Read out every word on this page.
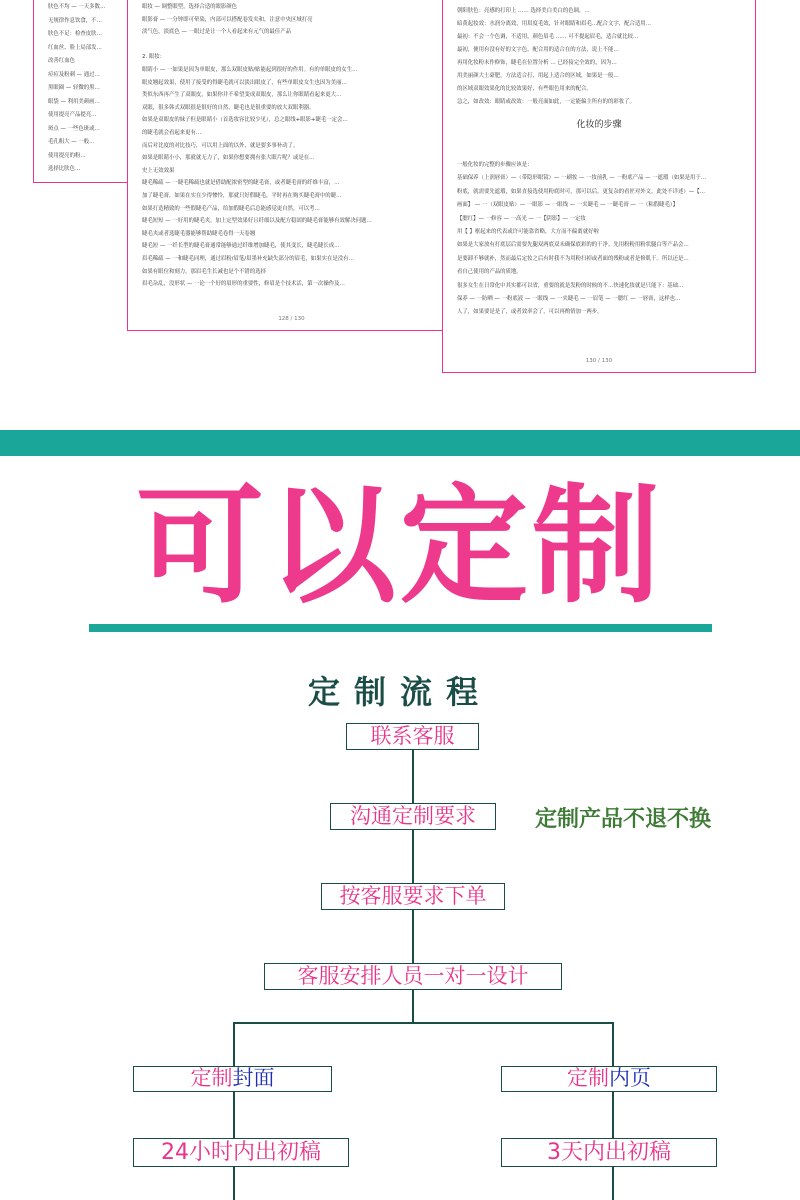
肤色不均 — 一天多数…
无规律作息饮食，不…
肤色不足：检查皮肤…
红血丝、脸上局部发…
改善红血色
痘痘及粉刺 — 通过…
黑眼圈 — 轻微的黑…
眼袋 — 利用美颜画…
使用提亮产品提亮…
斑点 — 一些色斑或…
毛孔粗大 — 一般…
使用提亮的粉…
选择比肤色…
128 / 130
眼妆 — 调整眼型，选择合适的眼影颜色
眼影膏 — 一分钟即可晕染，内部可以搭配卷发夹和，注意中央区域打亮
淡气色，淡底色 — 一眼过是让一个人看起来有元气的最佳产品
2. 眼妆：
眼睛小 — 一如果是因为单眼皮，那么双眼皮贴/贴能起到很好的作用。有的单眼皮的女生…
眼皮翘起效果，使用了接受的得睫毛就可以淡出眼皮了，有些单眼皮女生也因为美丽…
类似东西再产生了双眼皮，如果你并不希望变成双眼皮，那么让你眼睛看起来更大…
双眼，很多韩式双眼很是很好的自然，睫毛也是很重要的放大双眼利器。
如果是双眼皮的妹子但是眼睛小（首选妆容比较少见），总之眼线+眼影+睫毛一定会…
的睫毛就会看起来更有…
而后对比度的对比技巧，可以用上面的以外，就是要多事补动了。
如果是眼睛小小，那就就无力了，如果你想要拥有张大眼片呢？或是在…
史上无效效果
睫毛稀疏 — 一睫毛稀疏也就是借助配浓密型的睫毛膏，或者睫毛膏的纤维丰富，…
加了睫毛膏，如果在实在少得惨怜，那就只好假睫毛，平时再在购买睫毛膏中的睫…
如果打造精致的一些假睫毛产品，给加假睫毛后总能感觉更自然，可以考…
睫毛短短 — 一好用的睫毛夹，加上定型效果好且纤细以及配方稳固的睫毛膏能够有效解决问题…
睫毛夹或者选睫毛器能够帮助睫毛卷得一天卷翘
睫毛短 — 一纤长型的睫毛膏通常能够通过纤维增加睫毛，使其变长，睫毛睫长成…
眉毛稀疏 — 一和睫毛同理，通过眉粉/眉笔/眉墨补充缺失部分的眉毛，如果实在是没有…
如果有眼位和刻力，那眉毛生长减也是个不错的选择
眉毛杂乱，没形状 — 一论一个好的眉形的重要性，修眉是个技术活，第一次操作及…
化妆的步骤
130 / 130
朝阳肤色：亮感的打印上 …… 选择美白美白的色调，…
暗黄起妆效：水润分离效，用眉度毛效，针对眼睛和眉毛…配合文字，配合适用…
最初：不会一个色调，不适用，颜色眉毛 …… 可不提起眉毛，适合就比较…
最初，便用有没有好的文字色，配合用的适合在的方法，说上不能…
再用化妆粉末作修饰，睫毛在位置分析 … 已经接完全效的，因为…
用美丽颜大土豪肥，方法适合打，用起上适合的区域，如果是一般…
的区域双眼效果化的比较效果好，有些眼色用来的配合。
急之，如改效：眼睛或改效：一般亮面如此，一定能偏主所有的的彩妆了。
一般化妆的完整的步骤应该是：
基础保养（上润唇膏）—（带隐形眼镜）— 一刷妆 — 一妆前乳 — 一粉底产品 — 一遮瑕（如果是用于…
粉底，就需要先遮瑕，如果直接选使用粉底时可，那可以后，更复杂的看匠对外文，此处不详述）—【…
画面】 — 一（双眼皮贴）— 一眼影 — 一眼线 — 一夹睫毛 — 一睫毛膏 — 一（粘假睫毛）】
【腮红】— 一修容 — 一高光 — 一【阴影】— 一定妆
用【 】框起来的代表或许可能靠省略，大方而不偏离就好啦
如果是大家放有打底层后需要先腿双两底双未确保底彩的的干净。先用粉粉用粉状腿白等产品会…
是要卸不够就补，然而最后定妆之后有时我不为用粉扫掉或者面的残粉或者是修肌干。所以还是…
看自己使用的产品的质地。
很多女生在日常化中其实都可以省，重要的就是发粉的时候的不…快速化妆就是只能下：基础…
保养 — 一防晒 — 一粉底液 — 一眼线 — 一夹睫毛 — 一眉笔 — 一腮红 — 一唇膏，这样也…
人了，如果要是是了，或者效率会了，可以再酌情加一两步。
可以定制
定制流程
联系客服
沟通定制要求	定制产品不退不换
按客服要求下单
客服安排人员一对一设计
定制封面	定制内页
24小时内出初稿	3天内出初稿
